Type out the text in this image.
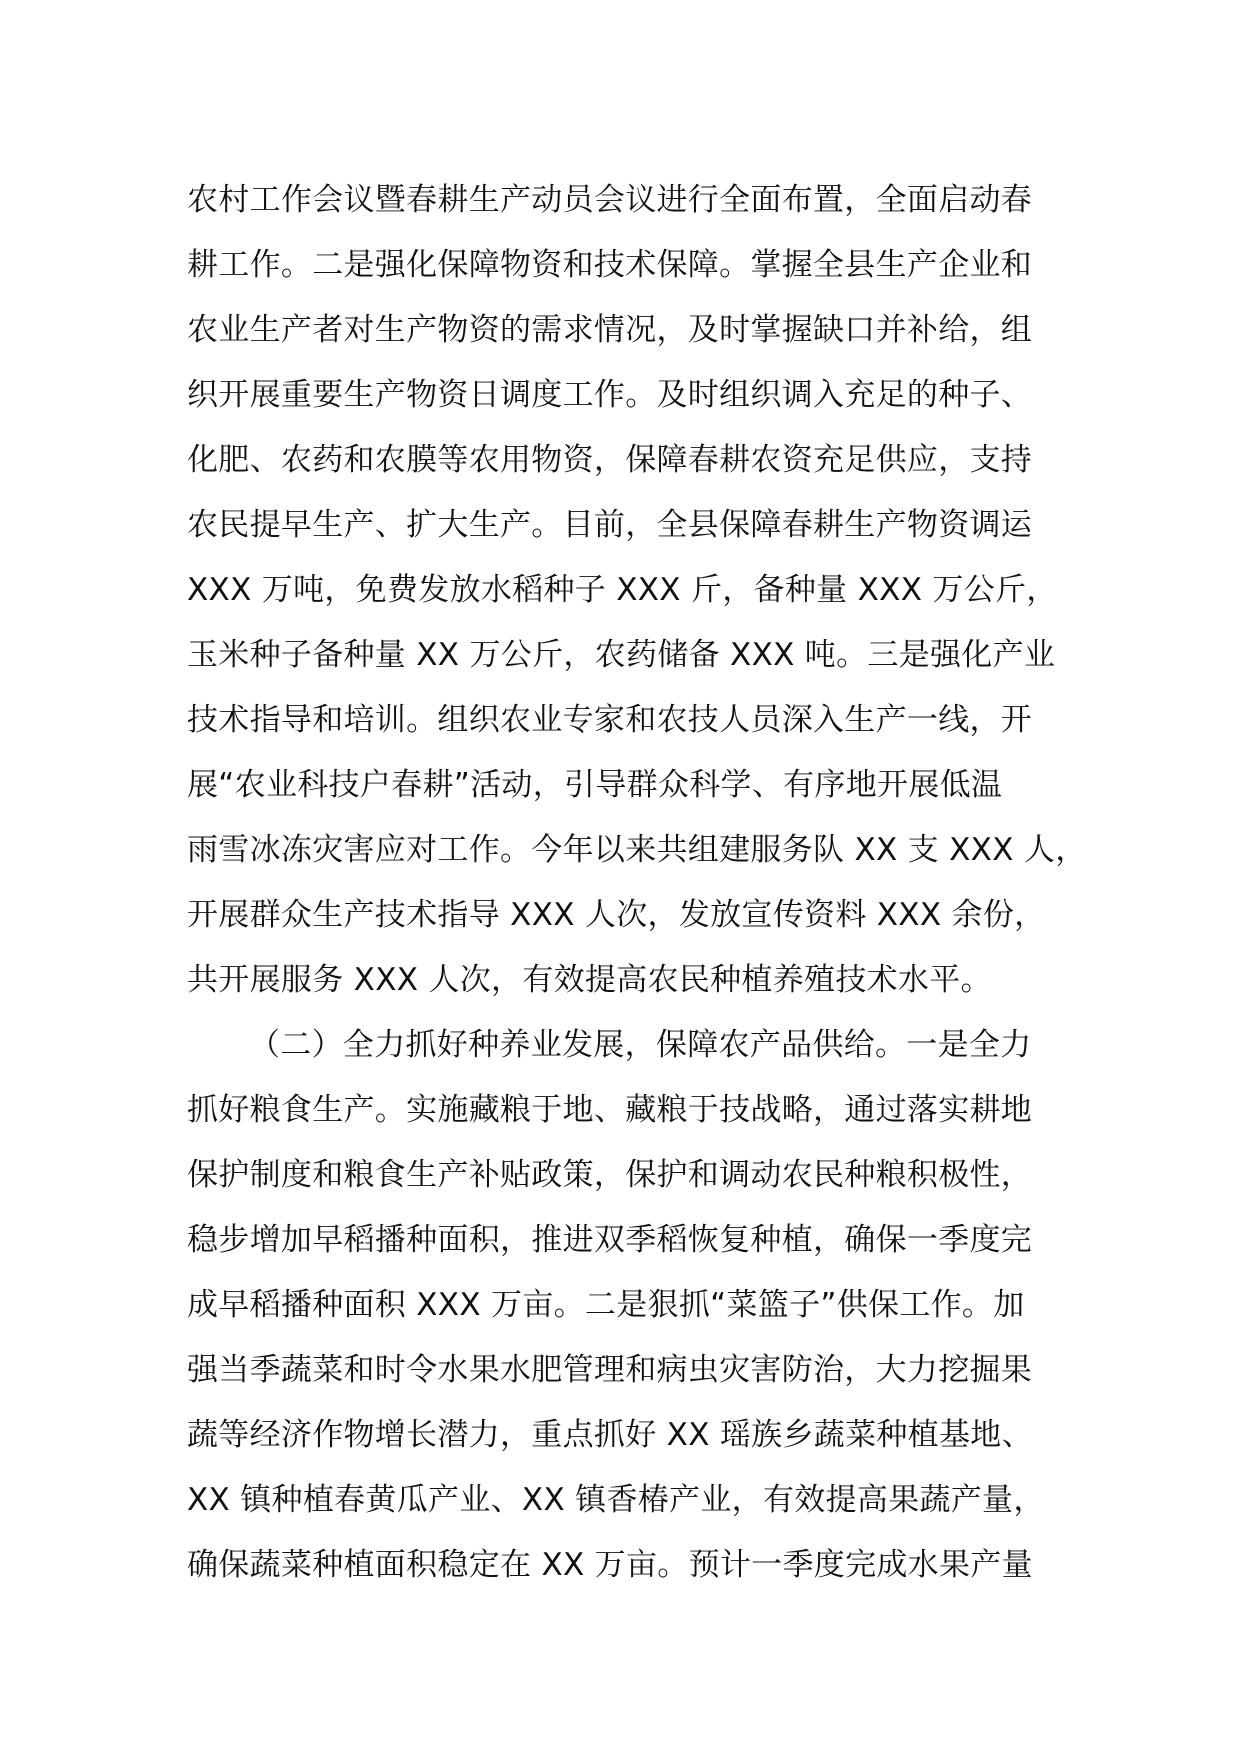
农村工作会议暨春耕生产动员会议进行全面布置，全面启动春
耕工作。二是强化保障物资和技术保障。掌握全县生产企业和
农业生产者对生产物资的需求情况，及时掌握缺口并补给，组
织开展重要生产物资日调度工作。及时组织调入充足的种子、
化肥、农药和农膜等农用物资，保障春耕农资充足供应，支持
农民提早生产、扩大生产。目前，全县保障春耕生产物资调运
XXX 万吨，免费发放水稻种子 XXX 斤，备种量 XXX 万公斤，
玉米种子备种量 XX 万公斤，农药储备 XXX 吨。三是强化产业
技术指导和培训。组织农业专家和农技人员深入生产一线，开
展“农业科技户春耕”活动，引导群众科学、有序地开展低温
雨雪冰冻灾害应对工作。今年以来共组建服务队 XX 支 XXX 人，
开展群众生产技术指导 XXX 人次，发放宣传资料 XXX 余份，
共开展服务 XXX 人次，有效提高农民种植养殖技术水平。
（二）全力抓好种养业发展，保障农产品供给。一是全力
抓好粮食生产。实施藏粮于地、藏粮于技战略，通过落实耕地
保护制度和粮食生产补贴政策，保护和调动农民种粮积极性，
稳步增加早稻播种面积，推进双季稻恢复种植，确保一季度完
成早稻播种面积 XXX 万亩。二是狠抓“菜篮子”供保工作。加
强当季蔬菜和时令水果水肥管理和病虫灾害防治，大力挖掘果
蔬等经济作物增长潜力，重点抓好 XX 瑶族乡蔬菜种植基地、
XX 镇种植春黄瓜产业、XX 镇香椿产业，有效提高果蔬产量，
确保蔬菜种植面积稳定在 XX 万亩。预计一季度完成水果产量
